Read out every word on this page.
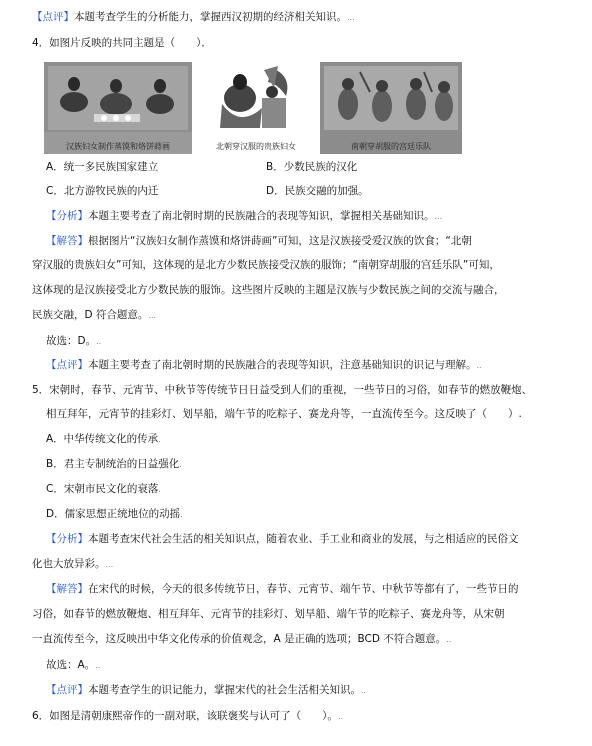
【点评】本题考查学生的分析能力，掌握西汉初期的经济相关知识。...
4．如图片反映的共同主题是（　　）．
汉族妇女制作蒸馍和烙饼蒔画	北朝穿汉服的贵族妇女	南朝穿胡服的宫廷乐队
A．统一多民族国家建立	B．少数民族的汉化
C．北方游牧民族的内迁	D．民族交融的加强。
【分析】本题主要考查了南北朝时期的民族融合的表现等知识，掌握相关基础知识。...
【解答】根据图片“汉族妇女制作蒸馍和烙饼蒔画”可知，这是汉族接受爱汉族的饮食；“北朝
穿汉服的贵族妇女”可知，这体现的是北方少数民族接受汉族的服饰；“南朝穿胡服的宫廷乐队”可知，
这体现的是汉族接受北方少数民族的服饰。这些图片反映的主题是汉族与少数民族之间的交流与融合，
民族交融，D 符合题意。...
故选：D。..
【点评】本题主要考查了南北朝时期的民族融合的表现等知识，注意基础知识的识记与理解。..
5．宋朝时，春节、元宵节、中秋节等传统节日日益受到人们的重视，一些节日的习俗，如春节的燃放鞭炮、
相互拜年，元宵节的挂彩灯、划旱船，端午节的吃粽子、赛龙舟等，一直流传至今。这反映了（　　）.
A．中华传统文化的传承.
B．君主专制统治的日益强化.
C．宋朝市民文化的衰落.
D．儒家思想正统地位的动摇.
【分析】本题考查宋代社会生活的相关知识点，随着农业、手工业和商业的发展，与之相适应的民俗文
化也大放异彩。...
【解答】在宋代的时候，今天的很多传统节日，春节、元宵节、端午节、中秋节等都有了，一些节日的
习俗，如春节的燃放鞭炮、相互拜年、元宵节的挂彩灯、划旱船、端午节的吃粽子、赛龙舟等，从宋朝
一直流传至今，这反映出中华文化传承的价值观念，A 是正确的选项；BCD 不符合题意。..
故选：A。..
【点评】本题考查学生的识记能力，掌握宋代的社会生活相关知识。..
6．如图是清朝康熙帝作的一副对联，该联褒奖与认可了（　　）。..
